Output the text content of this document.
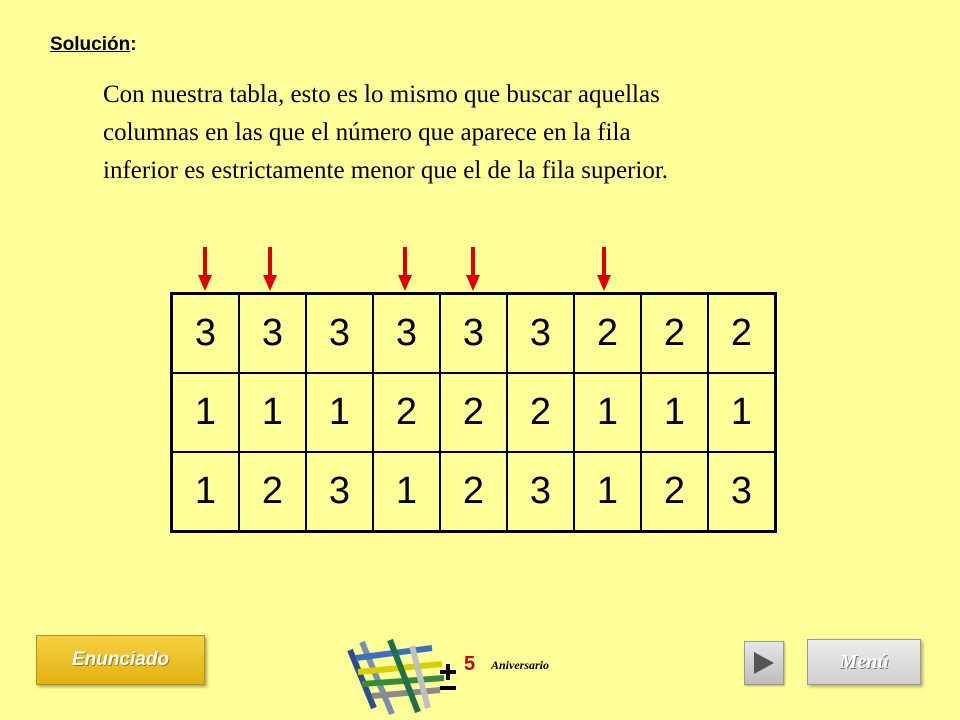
Solución:
Con nuestra tabla, esto es lo mismo que buscar aquellas
columnas en las que el número que aparece en la fila
inferior es estrictamente menor que el de la fila superior.
3	3	3	3	3	3	2	2	2
1	1	1	2	2	2	1	1	1
1	2	3	1	2	3	1	2	3
Enunciado	5 Aniversario	Menú
